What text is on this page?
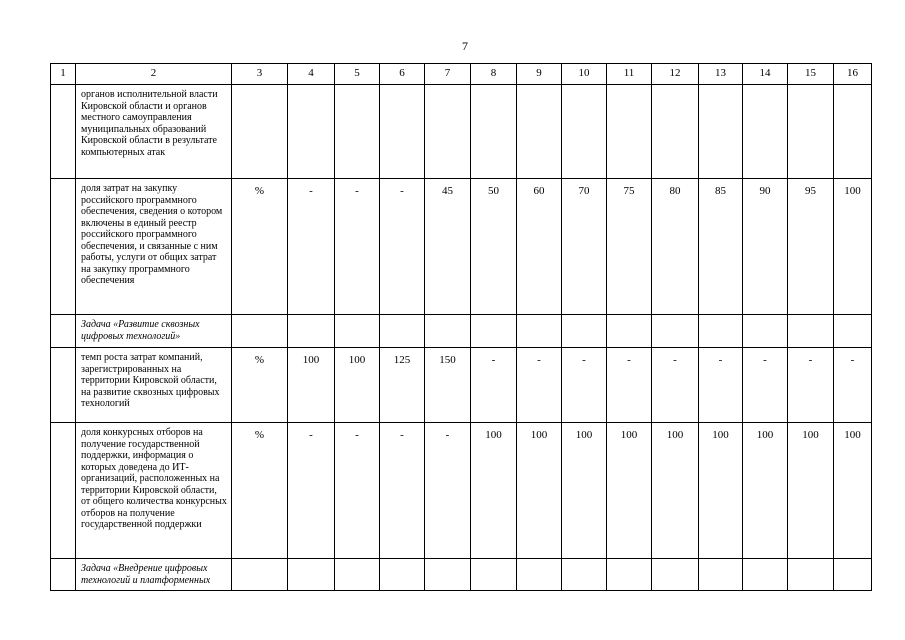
7
1	2	3	4	5	6	7	8	9	10	11	12	13	14	15	16
	органов исполнительной власти Кировской области и органов местного самоуправления муниципальных образований Кировской области в результате компьютерных атак														
	доля затрат на закупку российского программного обеспечения, сведения о котором включены в единый реестр российского программного обеспечения, и связанные с ним работы, услуги от общих затрат на закупку программного обеспечения	%	-	-	-	45	50	60	70	75	80	85	90	95	100
	Задача «Развитие сквозных цифровых технологий»														
	темп роста затрат компаний, зарегистрированных на территории Кировской области, на развитие сквозных цифровых технологий	%	100	100	125	150	-	-	-	-	-	-	-	-	-
	доля конкурсных отборов на получение государственной поддержки, информация о которых доведена до ИТ-организаций, расположенных на территории Кировской области, от общего количества конкурсных отборов на получение государственной поддержки	%	-	-	-	-	100	100	100	100	100	100	100	100	100
	Задача «Внедрение цифровых технологий и платформенных														
